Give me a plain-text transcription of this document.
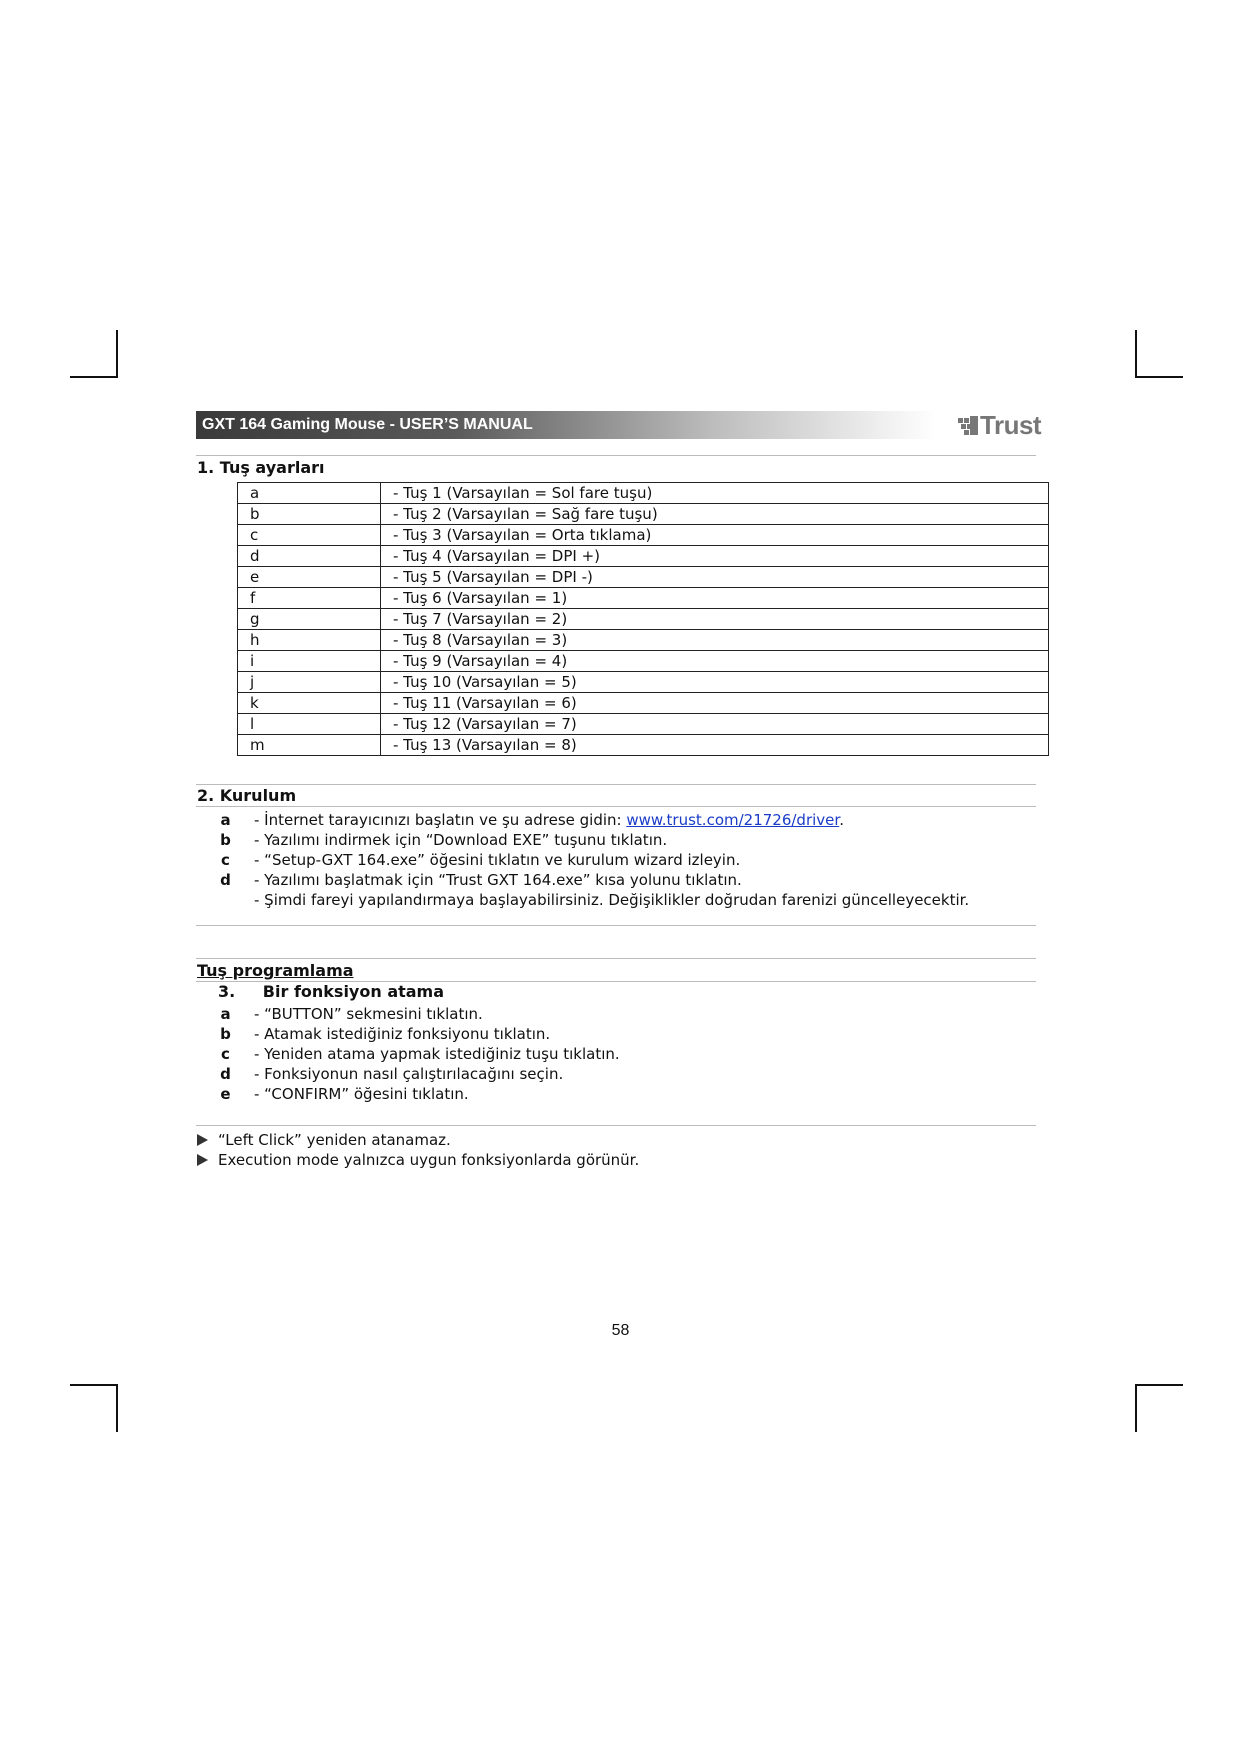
GXT 164 Gaming Mouse - USER’S MANUAL	Trust
1. Tuş ayarları
a	- Tuş 1 (Varsayılan = Sol fare tuşu)
b	- Tuş 2 (Varsayılan = Sağ fare tuşu)
c	- Tuş 3 (Varsayılan = Orta tıklama)
d	- Tuş 4 (Varsayılan = DPI +)
e	- Tuş 5 (Varsayılan = DPI -)
f	- Tuş 6 (Varsayılan = 1)
g	- Tuş 7 (Varsayılan = 2)
h	- Tuş 8 (Varsayılan = 3)
i	- Tuş 9 (Varsayılan = 4)
j	- Tuş 10 (Varsayılan = 5)
k	- Tuş 11 (Varsayılan = 6)
l	- Tuş 12 (Varsayılan = 7)
m	- Tuş 13 (Varsayılan = 8)
2. Kurulum
a	- İnternet tarayıcınızı başlatın ve şu adrese gidin: www.trust.com/21726/driver.
b	- Yazılımı indirmek için “Download EXE” tuşunu tıklatın.
c	- “Setup-GXT 164.exe” öğesini tıklatın ve kurulum wizard izleyin.
d	- Yazılımı başlatmak için “Trust GXT 164.exe” kısa yolunu tıklatın.
- Şimdi fareyi yapılandırmaya başlayabilirsiniz. Değişiklikler doğrudan farenizi güncelleyecektir.
Tuş programlama
3. Bir fonksiyon atama
a	- “BUTTON” sekmesini tıklatın.
b	- Atamak istediğiniz fonksiyonu tıklatın.
c	- Yeniden atama yapmak istediğiniz tuşu tıklatın.
d	- Fonksiyonun nasıl çalıştırılacağını seçin.
e	- “CONFIRM” öğesini tıklatın.
“Left Click” yeniden atanamaz.
Execution mode yalnızca uygun fonksiyonlarda görünür.
58
